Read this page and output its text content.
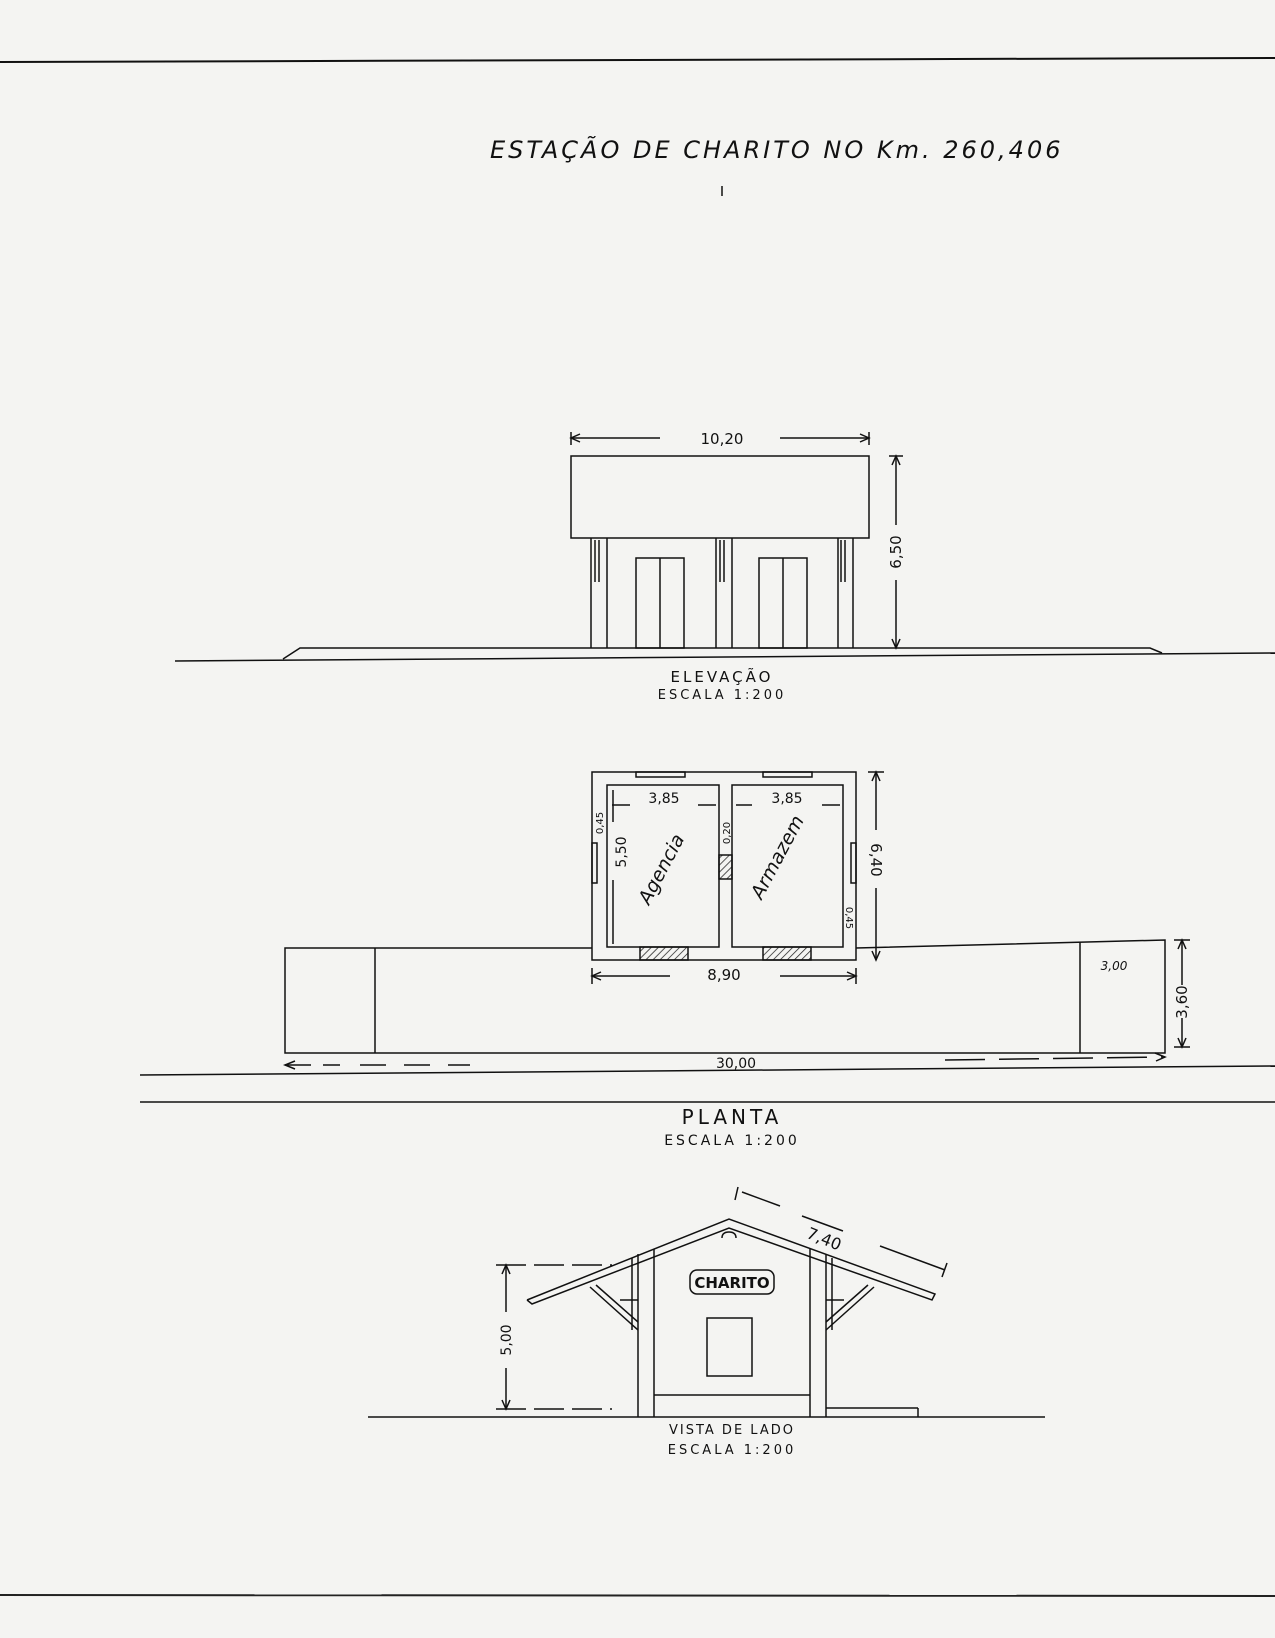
10,20
6,50
3,85	3,85
5,50
0,45	0,20
0,45
Agencia	Armazem	6,40
8,90
3,60
3,00
30,00
CHARITO
7,40
5,00
ESTAÇÃO DE CHARITO NO Km. 260,406
ELEVAÇÃO
ESCALA 1:200
PLANTA
ESCALA 1:200
VISTA DE LADO
ESCALA 1:200
